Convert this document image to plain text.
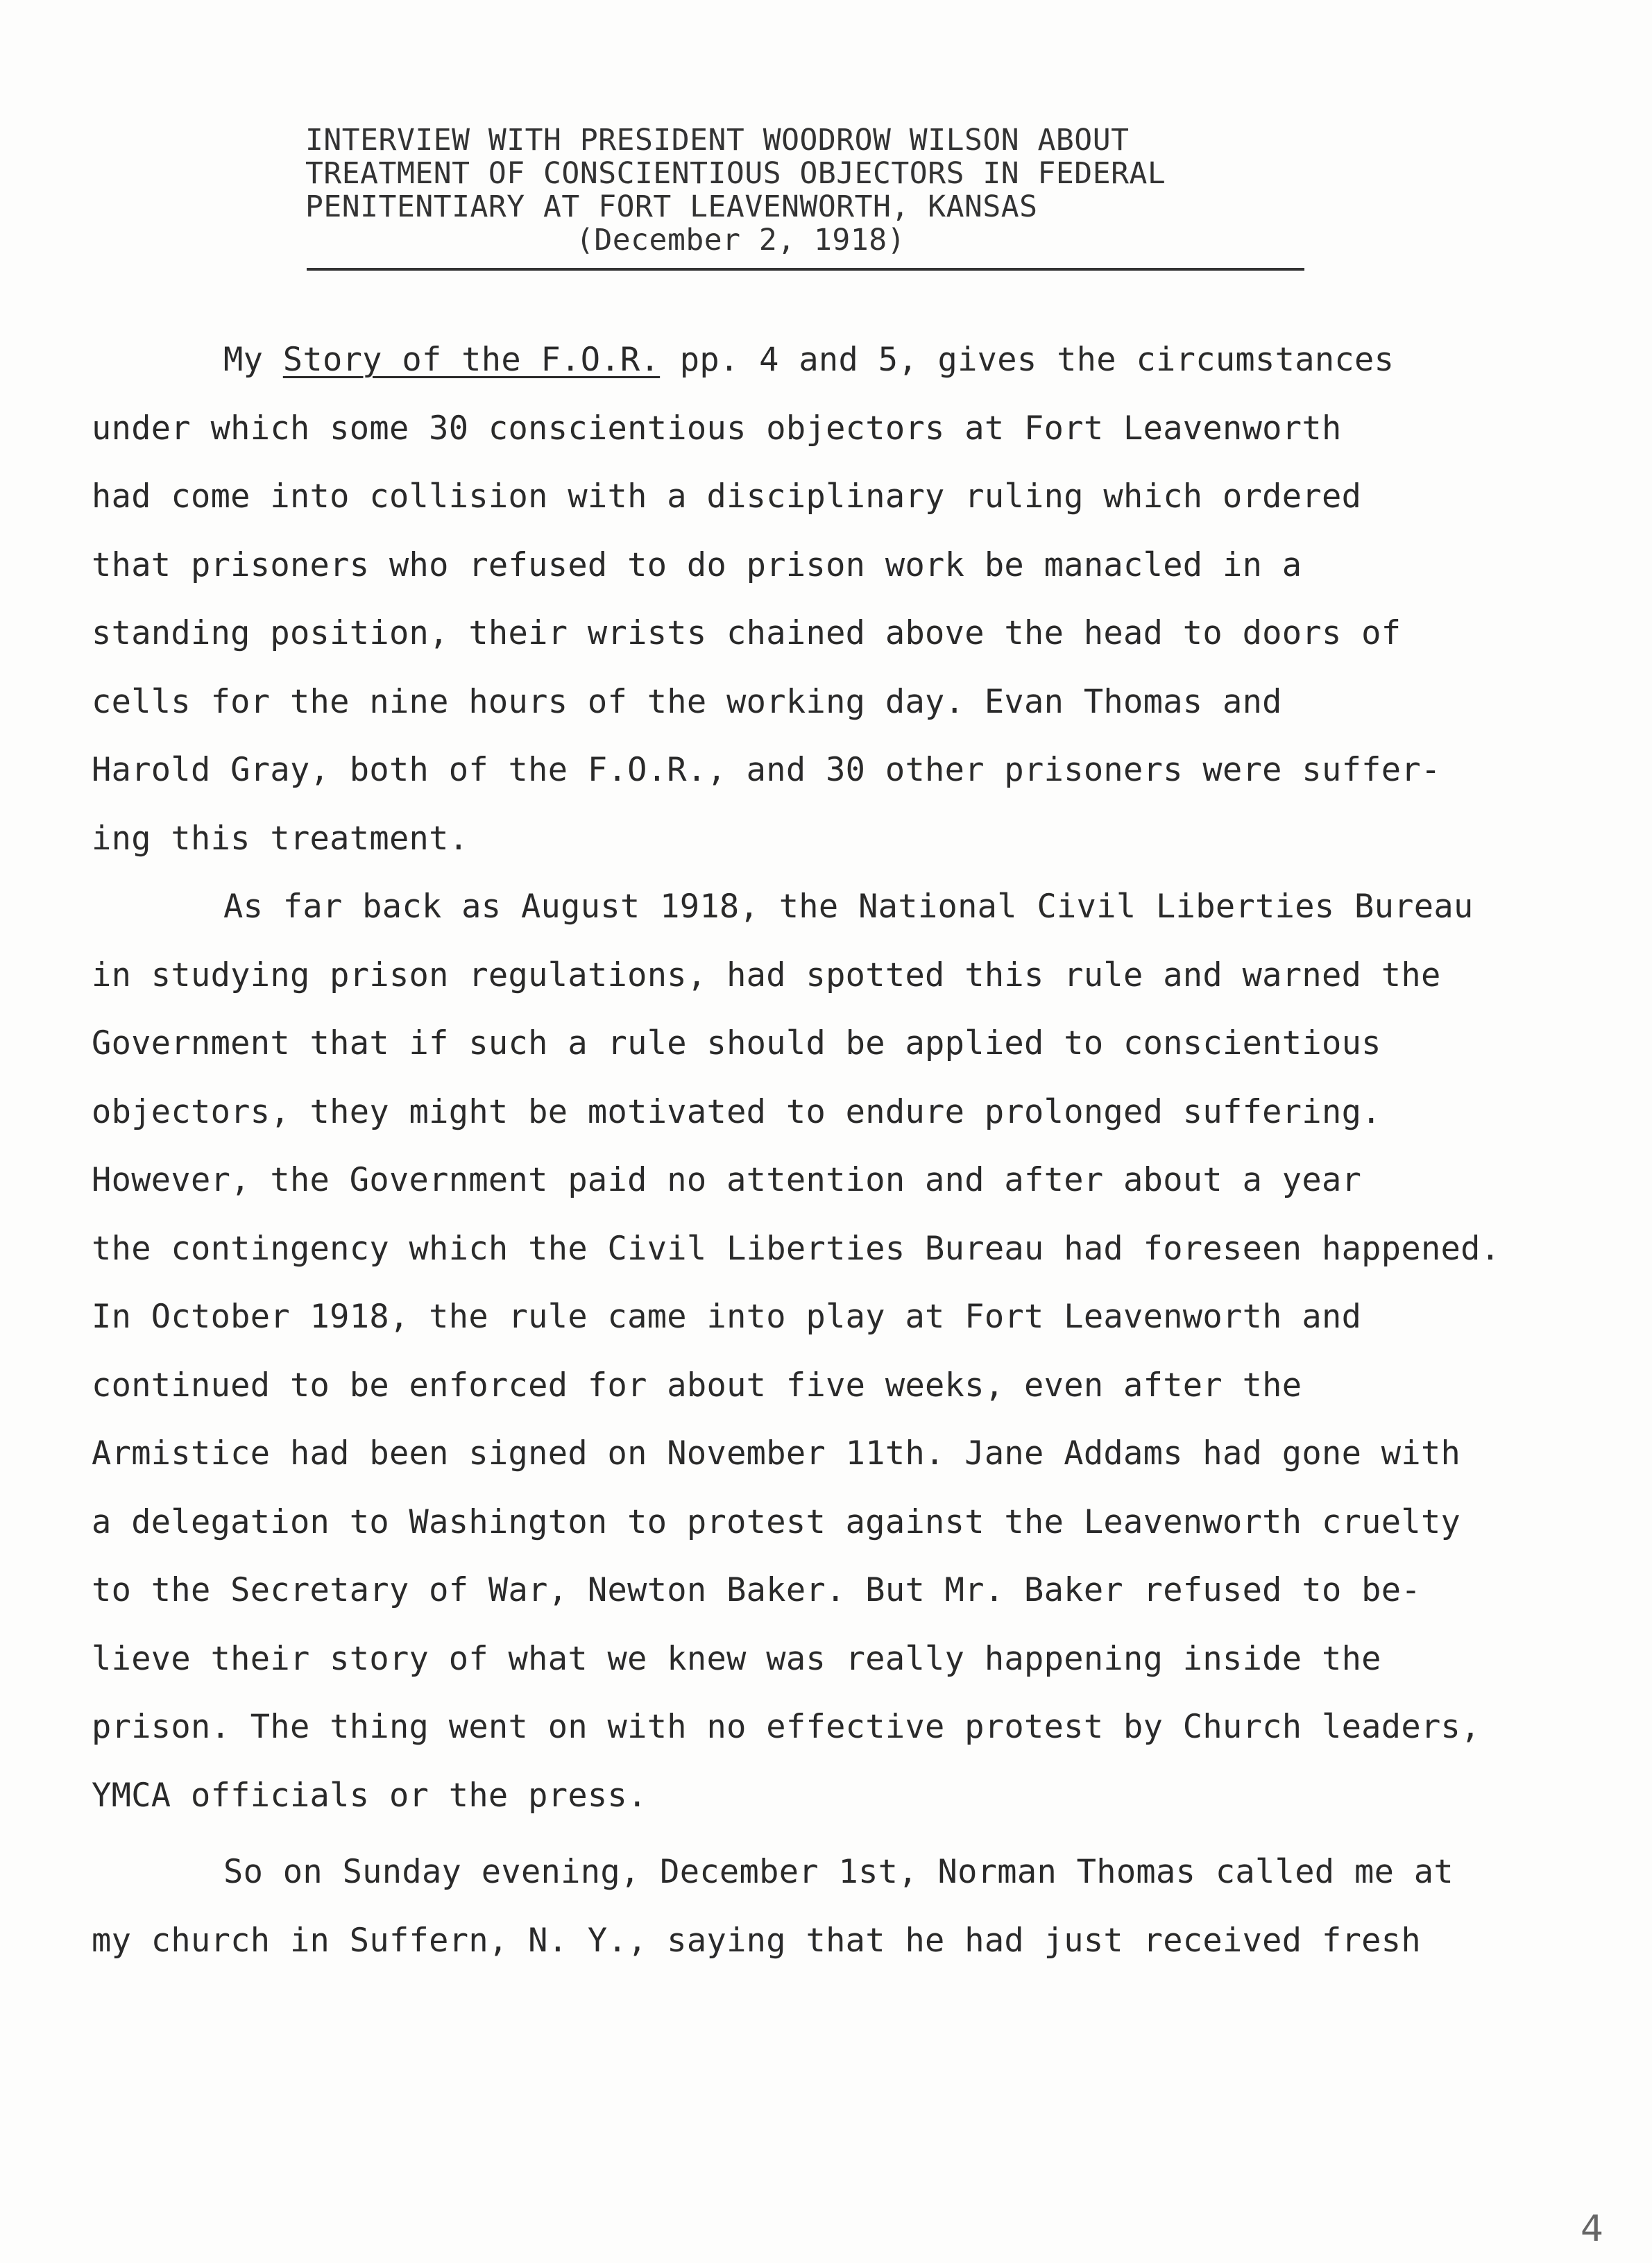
INTERVIEW WITH PRESIDENT WOODROW WILSON ABOUT
TREATMENT OF CONSCIENTIOUS OBJECTORS IN FEDERAL
PENITENTIARY AT FORT LEAVENWORTH, KANSAS
(December 2, 1918)
My Story of the F.O.R. pp. 4 and 5, gives the circumstances
under which some 30 conscientious objectors at Fort Leavenworth
had come into collision with a disciplinary ruling which ordered
that prisoners who refused to do prison work be manacled in a
standing position, their wrists chained above the head to doors of
cells for the nine hours of the working day. Evan Thomas and
Harold Gray, both of the F.O.R., and 30 other prisoners were suffer-
ing this treatment.
As far back as August 1918, the National Civil Liberties Bureau
in studying prison regulations, had spotted this rule and warned the
Government that if such a rule should be applied to conscientious
objectors, they might be motivated to endure prolonged suffering.
However, the Government paid no attention and after about a year
the contingency which the Civil Liberties Bureau had foreseen happened.
In October 1918, the rule came into play at Fort Leavenworth and
continued to be enforced for about five weeks, even after the
Armistice had been signed on November 11th. Jane Addams had gone with
a delegation to Washington to protest against the Leavenworth cruelty
to the Secretary of War, Newton Baker. But Mr. Baker refused to be-
lieve their story of what we knew was really happening inside the
prison. The thing went on with no effective protest by Church leaders,
YMCA officials or the press.
So on Sunday evening, December 1st, Norman Thomas called me at
my church in Suffern, N. Y., saying that he had just received fresh
4
